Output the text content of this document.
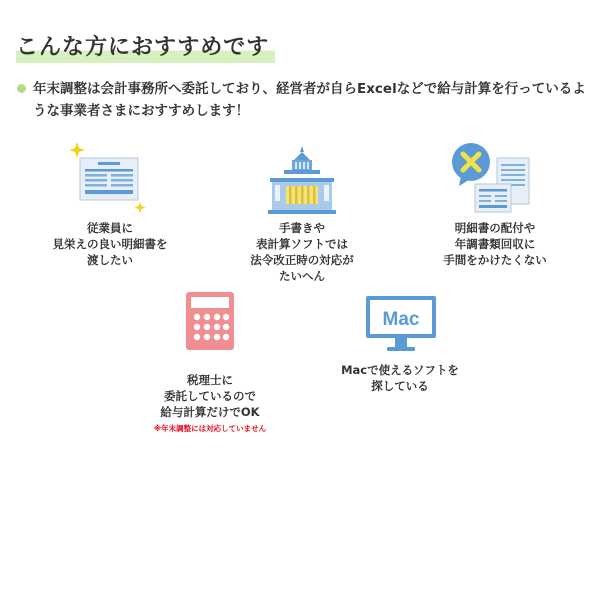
こんな方におすすめです
年末調整は会計事務所へ委託しており、経営者が自らExcelなどで給与計算を行っているような事業者さまにおすすめします！
従業員に
見栄えの良い明細書を
渡したい
手書きや
表計算ソフトでは
法令改正時の対応が
たいへん
明細書の配付や
年調書類回収に
手間をかけたくない

税理士に
委託しているので
給与計算だけでOK

※年末調整には対応していません

Mac
Macで使えるソフトを
探している
